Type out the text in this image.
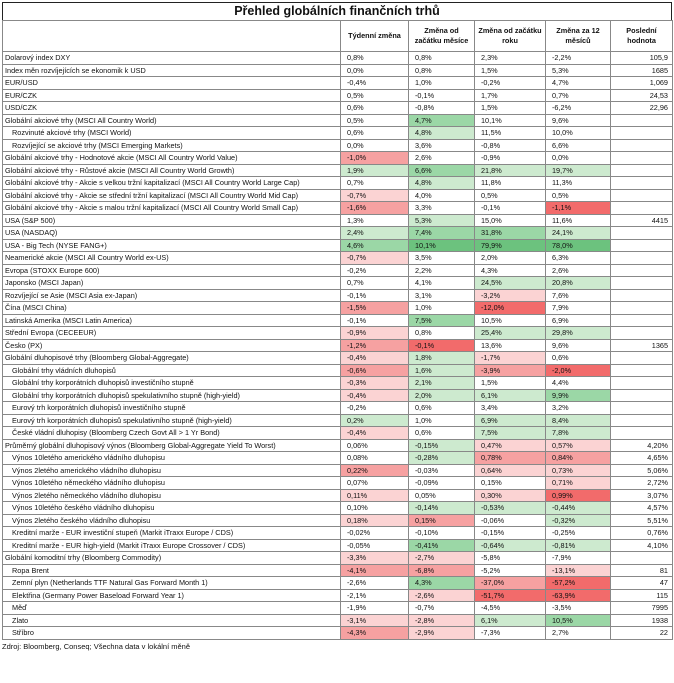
Přehled globálních finančních trhů
	Týdenní změna	Změna od začátku měsíce	Změna od začátku roku	Změna za 12 měsíců	Poslední hodnota
Dolarový index DXY	0,8%	0,8%	2,3%	-2,2%	105,9
Index měn rozvíjejících se ekonomik k USD	0,0%	0,8%	1,5%	5,3%	1685
EUR/USD	-0,4%	1,0%	-0,2%	4,7%	1,069
EUR/CZK	0,5%	-0,1%	1,7%	0,7%	24,53
USD/CZK	0,6%	-0,8%	1,5%	-6,2%	22,96
Globální akciové trhy (MSCI All Country World)	0,5%	4,7%	10,1%	9,6%	
Rozvinuté akciové trhy (MSCI World)	0,6%	4,8%	11,5%	10,0%	
Rozvíjející se akciové trhy (MSCI Emerging Markets)	0,0%	3,6%	-0,8%	6,6%	
Globální akciové trhy - Hodnotové akcie (MSCI All Country World Value)	-1,0%	2,6%	-0,9%	0,0%	
Globální akciové trhy - Růstové akcie (MSCI All Country World Growth)	1,9%	6,6%	21,8%	19,7%	
Globální akciové trhy - Akcie s velkou tržní kapitalizací (MSCI All Country World Large Cap)	0,7%	4,8%	11,8%	11,3%	
Globální akciové trhy - Akcie se střední tržní kapitalizací (MSCI All Country World Mid Cap)	-0,7%	4,0%	0,5%	0,5%	
Globální akciové trhy - Akcie s malou tržní kapitalizací (MSCI All Country World Small Cap)	-1,6%	3,3%	-0,1%	-1,1%	
USA (S&P 500)	1,3%	5,3%	15,0%	11,6%	4415
USA (NASDAQ)	2,4%	7,4%	31,8%	24,1%	
USA - Big Tech (NYSE FANG+)	4,6%	10,1%	79,9%	78,0%	
Neamerické akcie (MSCI All Country World ex-US)	-0,7%	3,5%	2,0%	6,3%	
Evropa (STOXX Europe 600)	-0,2%	2,2%	4,3%	2,6%	
Japonsko (MSCI Japan)	0,7%	4,1%	24,5%	20,8%	
Rozvíjející se Asie (MSCI Asia ex-Japan)	-0,1%	3,1%	-3,2%	7,6%	
Čína (MSCI China)	-1,5%	1,0%	-12,0%	7,9%	
Latinská Amerika (MSCI Latin America)	-0,1%	7,5%	10,5%	6,9%	
Střední Evropa (CECEEUR)	-0,9%	0,8%	25,4%	29,8%	
Česko (PX)	-1,2%	-0,1%	13,6%	9,6%	1365
Globální dluhopisové trhy (Bloomberg Global-Aggregate)	-0,4%	1,8%	-1,7%	0,6%	
Globální trhy vládních dluhopisů	-0,6%	1,6%	-3,9%	-2,0%	
Globální trhy korporátních dluhopisů investičního stupně	-0,3%	2,1%	1,5%	4,4%	
Globální trhy korporátních dluhopisů spekulativního stupně (high-yield)	-0,4%	2,0%	6,1%	9,9%	
Eurový trh korporátních dluhopisů investičního stupně	-0,2%	0,6%	3,4%	3,2%	
Eurový trh korporátních dluhopisů spekulativního stupně (high-yield)	0,2%	1,0%	6,9%	8,4%	
České vládní dluhopisy (Bloomberg Czech Govt All > 1 Yr Bond)	-0,4%	0,6%	7,5%	7,8%	
Průměrný globální dluhopisový výnos (Bloomberg Global-Aggregate Yield To Worst)	0,06%	-0,15%	0,47%	0,57%	4,20%
Výnos 10letého amerického vládního dluhopisu	0,08%	-0,28%	0,78%	0,84%	4,65%
Výnos 2letého amerického vládního dluhopisu	0,22%	-0,03%	0,64%	0,73%	5,06%
Výnos 10letého německého vládního dluhopisu	0,07%	-0,09%	0,15%	0,71%	2,72%
Výnos 2letého německého vládního dluhopisu	0,11%	0,05%	0,30%	0,99%	3,07%
Výnos 10letého českého vládního dluhopisu	0,10%	-0,14%	-0,53%	-0,44%	4,57%
Výnos 2letého českého vládního dluhopisu	0,18%	0,15%	-0,06%	-0,32%	5,51%
Kreditní marže - EUR investiční stupeň (Markit iTraxx Europe / CDS)	-0,02%	-0,10%	-0,15%	-0,25%	0,76%
Kreditní marže - EUR high-yield (Markit iTraxx Europe Crossover / CDS)	-0,05%	-0,41%	-0,64%	-0,81%	4,10%
Globální komoditní trhy (Bloomberg Commodity)	-3,3%	-2,7%	-5,8%	-7,9%	
Ropa Brent	-4,1%	-6,8%	-5,2%	-13,1%	81
Zemní plyn (Netherlands TTF Natural Gas Forward Month 1)	-2,6%	4,3%	-37,0%	-57,2%	47
Elektřina (Germany Power Baseload Forward Year 1)	-2,1%	-2,6%	-51,7%	-63,9%	115
Měď	-1,9%	-0,7%	-4,5%	-3,5%	7995
Zlato	-3,1%	-2,8%	6,1%	10,5%	1938
Stříbro	-4,3%	-2,9%	-7,3%	2,7%	22
Zdroj: Bloomberg, Conseq; Všechna data v lokální měně
